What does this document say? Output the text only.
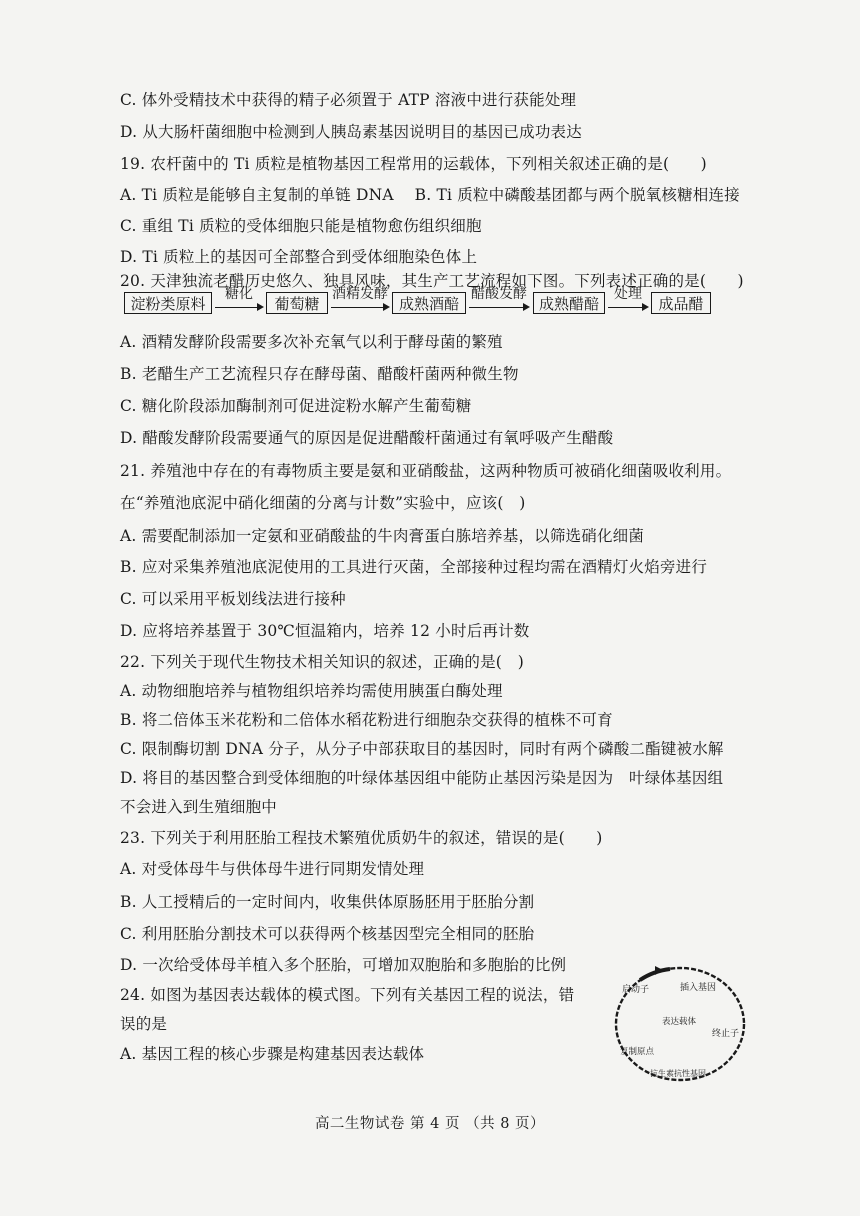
C. 体外受精技术中获得的精子必须置于 ATP 溶液中进行获能处理
D. 从大肠杆菌细胞中检测到人胰岛素基因说明目的基因已成功表达
19. 农杆菌中的 Ti 质粒是植物基因工程常用的运载体，下列相关叙述正确的是(　　)
A. Ti 质粒是能够自主复制的单链 DNA　 B. Ti 质粒中磷酸基团都与两个脱氧核糖相连接
C. 重组 Ti 质粒的受体细胞只能是植物愈伤组织细胞
D. Ti 质粒上的基因可全部整合到受体细胞染色体上
20. 天津独流老醋历史悠久、独具风味，其生产工艺流程如下图。下列表述正确的是(　　)
淀粉类原料
糖化
葡萄糖
酒精发酵
成熟酒醅
醋酸发酵
成熟醋醅
处理
成品醋
A. 酒精发酵阶段需要多次补充氧气以利于酵母菌的繁殖
B. 老醋生产工艺流程只存在酵母菌、醋酸杆菌两种微生物
C. 糖化阶段添加酶制剂可促进淀粉水解产生葡萄糖
D. 醋酸发酵阶段需要通气的原因是促进醋酸杆菌通过有氧呼吸产生醋酸
21. 养殖池中存在的有毒物质主要是氨和亚硝酸盐，这两种物质可被硝化细菌吸收利用。
在“养殖池底泥中硝化细菌的分离与计数”实验中，应该(　)
A. 需要配制添加一定氨和亚硝酸盐的牛肉膏蛋白胨培养基，以筛选硝化细菌
B. 应对采集养殖池底泥使用的工具进行灭菌，全部接种过程均需在酒精灯火焰旁进行
C. 可以采用平板划线法进行接种
D. 应将培养基置于 30℃恒温箱内，培养 12 小时后再计数
22. 下列关于现代生物技术相关知识的叙述，正确的是(　)
A. 动物细胞培养与植物组织培养均需使用胰蛋白酶处理
B. 将二倍体玉米花粉和二倍体水稻花粉进行细胞杂交获得的植株不可育
C. 限制酶切割 DNA 分子，从分子中部获取目的基因时，同时有两个磷酸二酯键被水解
D. 将目的基因整合到受体细胞的叶绿体基因组中能防止基因污染是因为　叶绿体基因组
不会进入到生殖细胞中
23. 下列关于利用胚胎工程技术繁殖优质奶牛的叙述，错误的是(　　)
A. 对受体母牛与供体母牛进行同期发情处理
B. 人工授精后的一定时间内，收集供体原肠胚用于胚胎分割
C. 利用胚胎分割技术可以获得两个核基因型完全相同的胚胎
D. 一次给受体母羊植入多个胚胎，可增加双胞胎和多胞胎的比例
24. 如图为基因表达载体的模式图。下列有关基因工程的说法，错
误的是
A. 基因工程的核心步骤是构建基因表达载体
启动子	插入基因
表达载体
终止子
复制原点
抗生素抗性基因
高二生物试卷 第 4 页 （共 8 页）
